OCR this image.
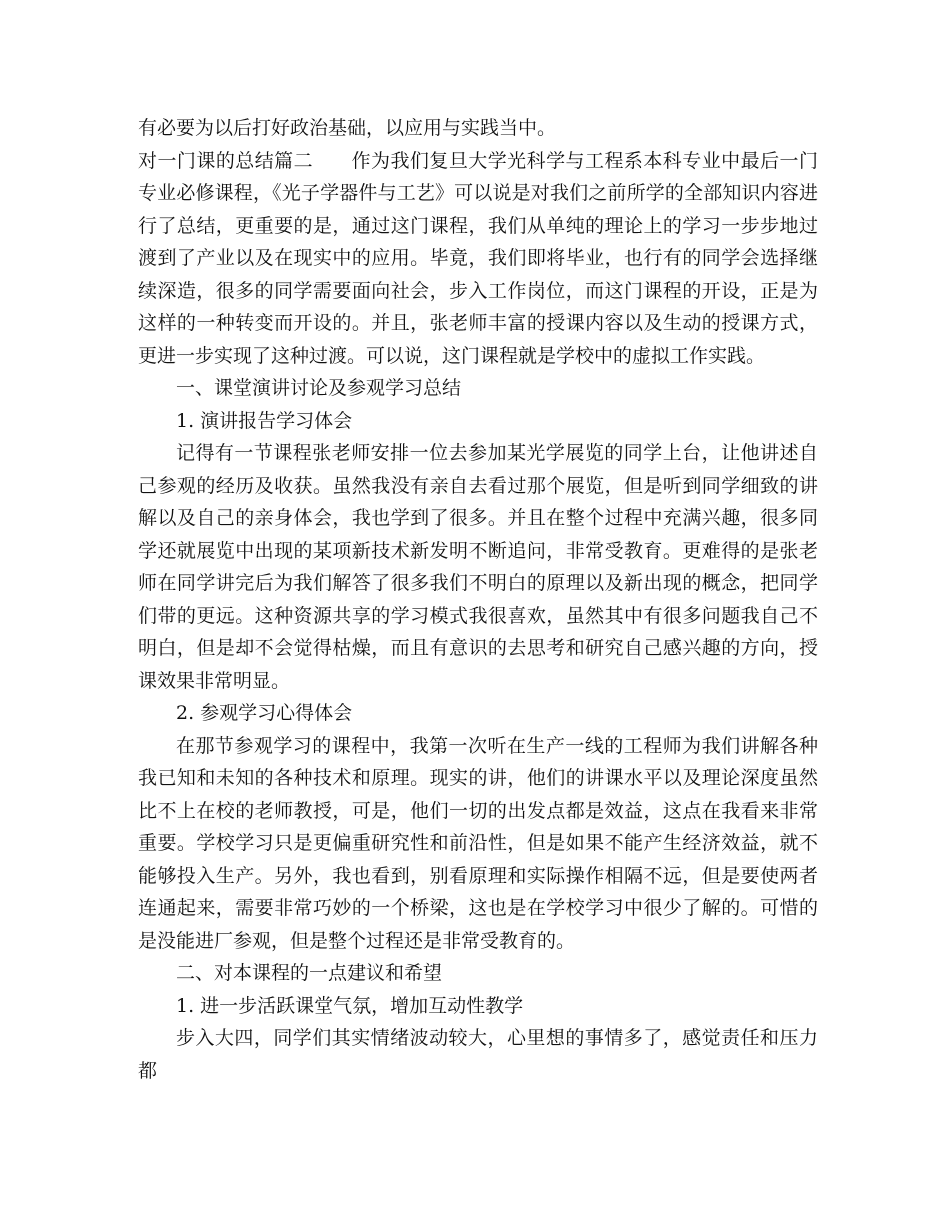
有必要为以后打好政治基础，以应用与实践当中。

对一门课的总结篇二 作为我们复旦大学光科学与工程系本科专业中最后一门专业必修课程，《光子学器件与工艺》可以说是对我们之前所学的全部知识内容进行了总结，更重要的是，通过这门课程，我们从单纯的理论上的学习一步步地过渡到了产业以及在现实中的应用。毕竟，我们即将毕业，也行有的同学会选择继续深造，很多的同学需要面向社会，步入工作岗位，而这门课程的开设，正是为这样的一种转变而开设的。并且，张老师丰富的授课内容以及生动的授课方式，更进一步实现了这种过渡。可以说，这门课程就是学校中的虚拟工作实践。

一、课堂演讲讨论及参观学习总结

1. 演讲报告学习体会

记得有一节课程张老师安排一位去参加某光学展览的同学上台，让他讲述自己参观的经历及收获。虽然我没有亲自去看过那个展览，但是听到同学细致的讲解以及自己的亲身体会，我也学到了很多。并且在整个过程中充满兴趣，很多同学还就展览中出现的某项新技术新发明不断追问，非常受教育。更难得的是张老师在同学讲完后为我们解答了很多我们不明白的原理以及新出现的概念，把同学们带的更远。这种资源共享的学习模式我很喜欢，虽然其中有很多问题我自己不明白，但是却不会觉得枯燥，而且有意识的去思考和研究自己感兴趣的方向，授课效果非常明显。

2. 参观学习心得体会

在那节参观学习的课程中，我第一次听在生产一线的工程师为我们讲解各种我已知和未知的各种技术和原理。现实的讲，他们的讲课水平以及理论深度虽然比不上在校的老师教授，可是，他们一切的出发点都是效益，这点在我看来非常重要。学校学习只是更偏重研究性和前沿性，但是如果不能产生经济效益，就不能够投入生产。另外，我也看到，别看原理和实际操作相隔不远，但是要使两者连通起来，需要非常巧妙的一个桥梁，这也是在学校学习中很少了解的。可惜的是没能进厂参观，但是整个过程还是非常受教育的。

二、对本课程的一点建议和希望

1. 进一步活跃课堂气氛，增加互动性教学

步入大四，同学们其实情绪波动较大，心里想的事情多了，感觉责任和压力都
